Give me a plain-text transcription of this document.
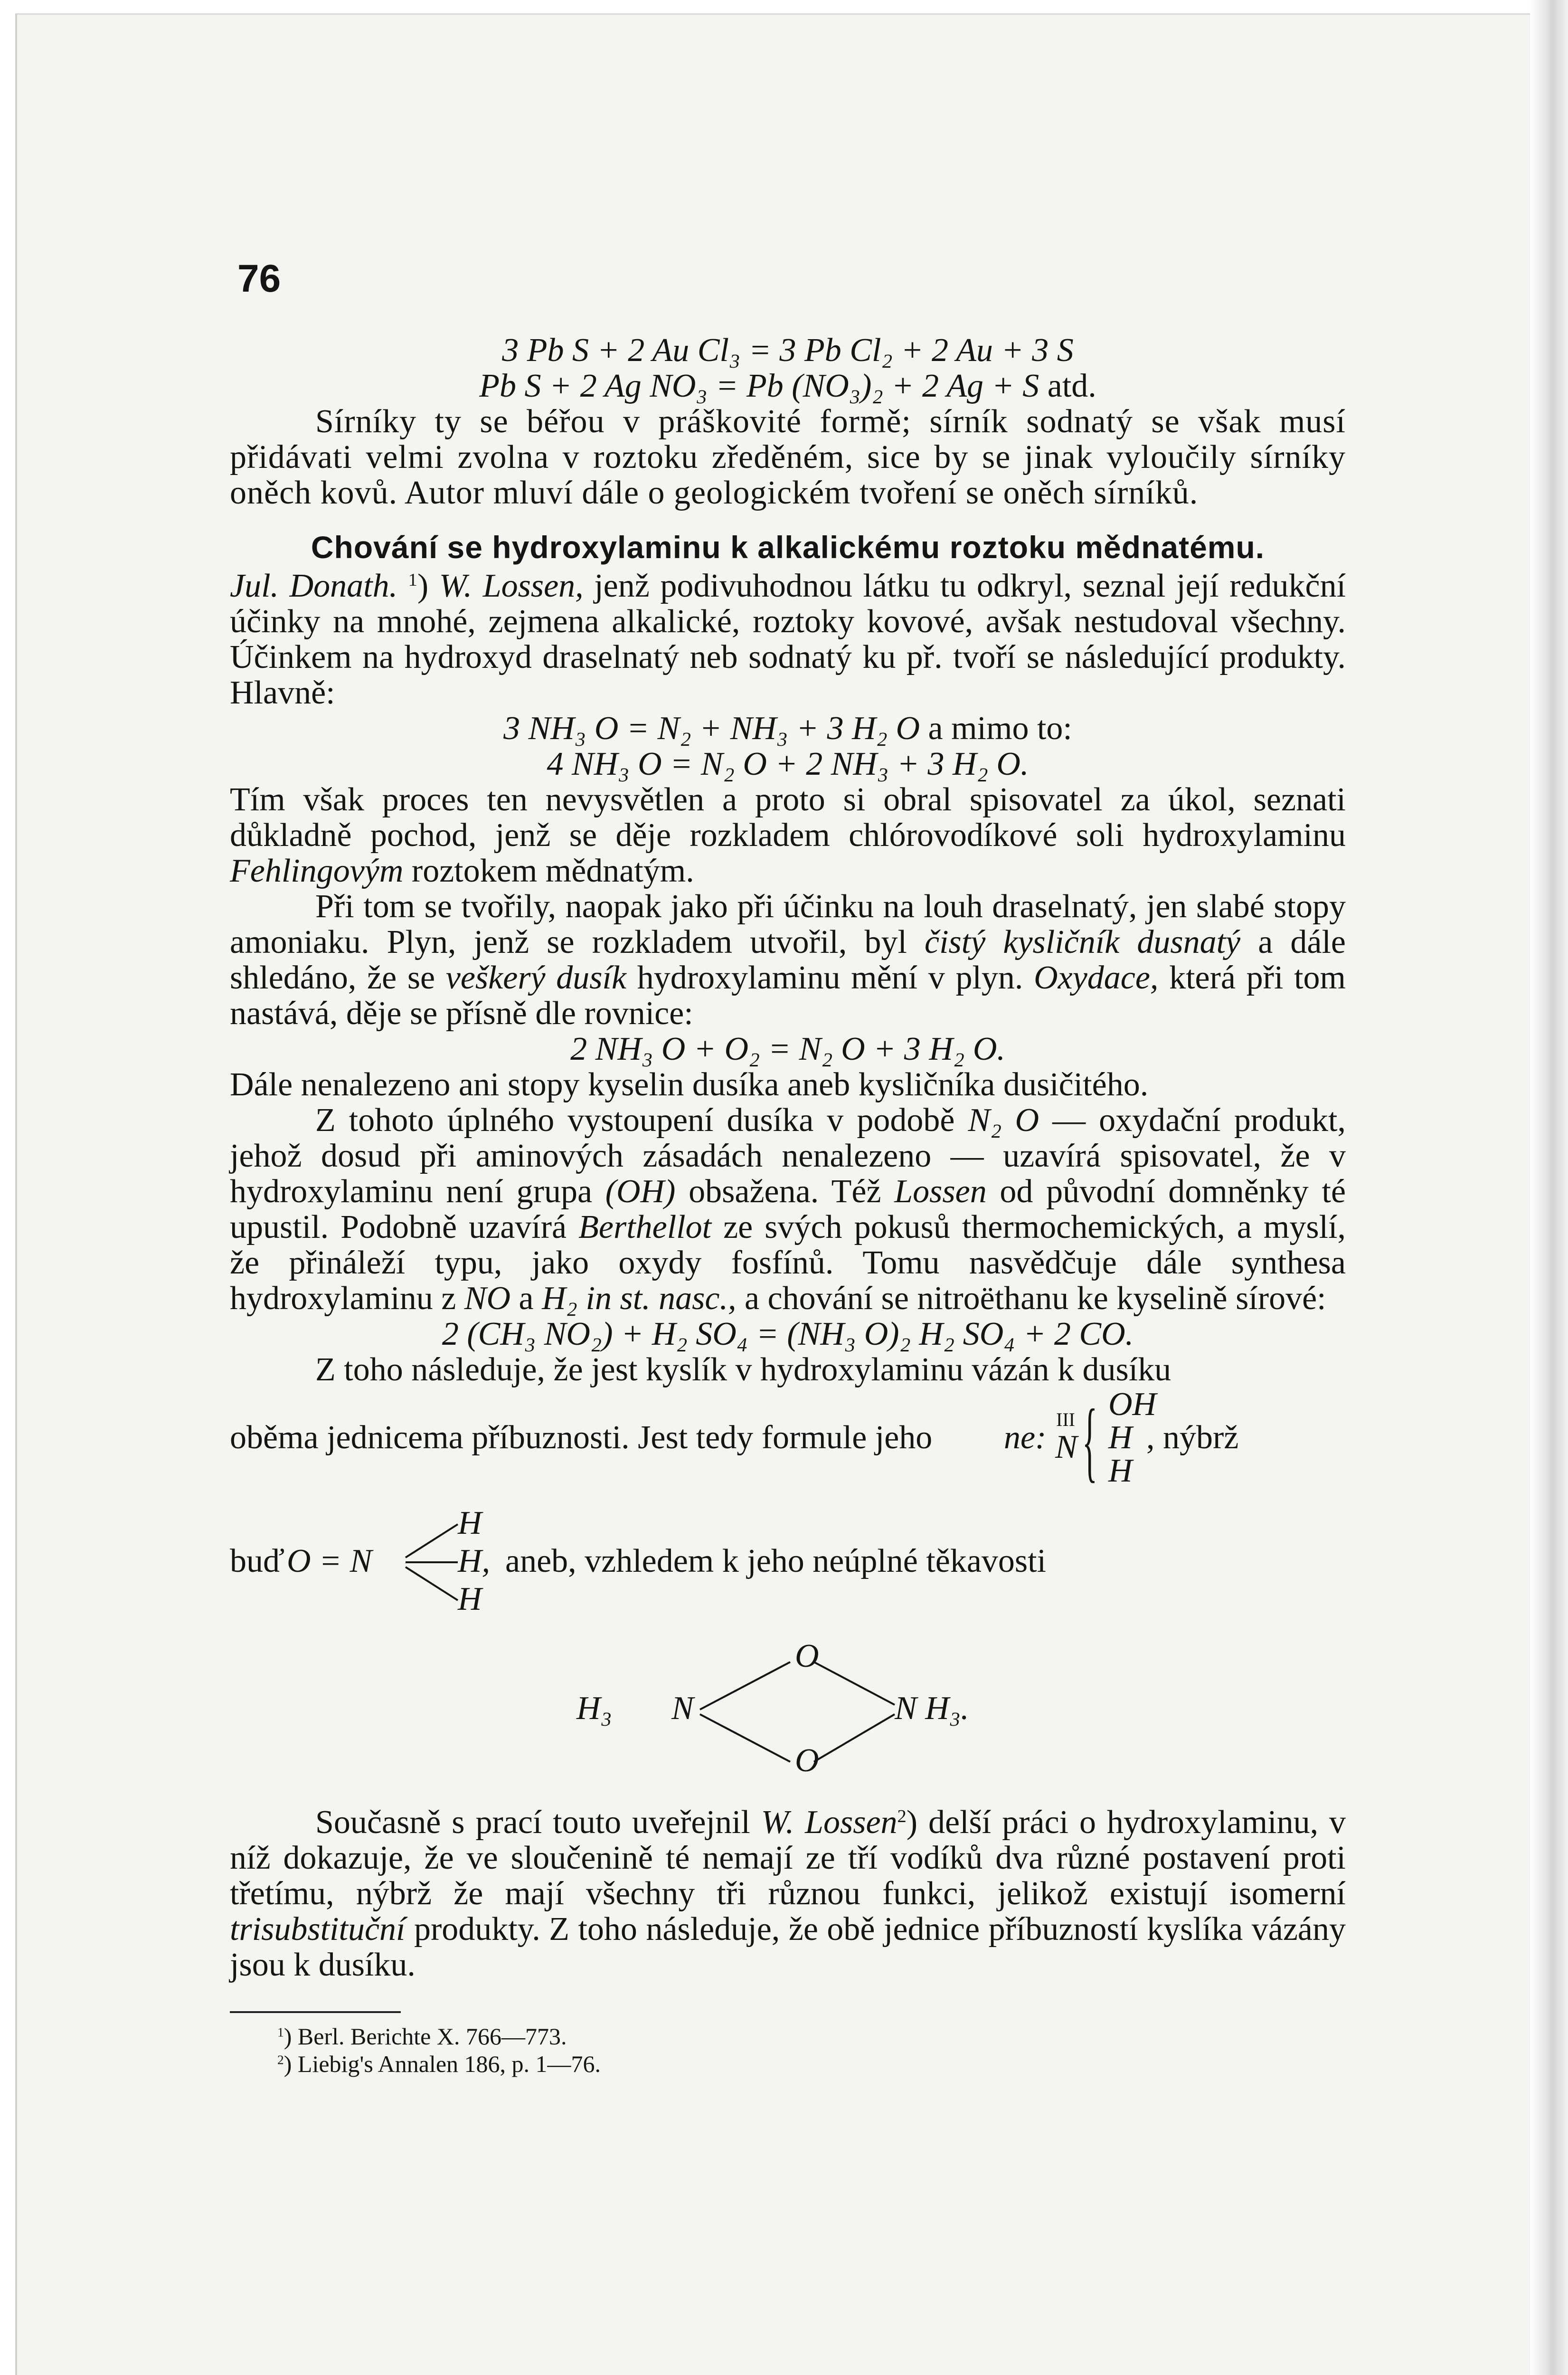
76

3 Pb S + 2 Au Cl₃ = 3 Pb Cl₂ + 2 Au + 3 S

Pb S + 2 Ag NO₃ = Pb (NO₃)₂ + 2 Ag + S atd.

Sírníky ty se béřou v práškovité formě; sírník sodnatý se však musí přidávati velmi zvolna v roztoku zředěném, sice by se jinak vyloučily sírníky oněch kovů. Autor mluví dále o geologickém tvoření se oněch sírníků.

Chování se hydroxylaminu k alkalickému roztoku mědnatému.

Jul. Donath. $^1$) W. Lossen, jenž podivuhodnou látku tu odkryl, seznal její redukční účinky na mnohé, zejmena alkalické, roztoky kovové, avšak nestudoval všechny. Účinkem na hydroxyd draselnatý neb sodnatý ku př. tvoří se následující produkty. Hlavně:

3 NH₃ O = N₂ + NH₃ + 3 H₂ O a mimo to:

4 NH₃ O = N₂ O + 2 NH₃ + 3 H₂ O.

Tím však proces ten nevysvětlen a proto si obral spisovatel za úkol, seznati důkladně pochod, jenž se děje rozkladem chlórovodíkové soli hydroxylaminu Fehlingovým roztokem mědnatým.

Při tom se tvořily, naopak jako při účinku na louh draselnatý, jen slabé stopy amoniaku. Plyn, jenž se rozkladem utvořil, byl čistý kysličník dusnatý a dále shledáno, že se veškerý dusík hydroxylaminu mění v plyn. Oxydace, která při tom nastává, děje se přísně dle rovnice:

2 NH₃ O + O₂ = N₂ O + 3 H₂ O.

Dále nenalezeno ani stopy kyselin dusíka aneb kysličníka dusičitého.

Z tohoto úplného vystoupení dusíka v podobě N₂ O — oxydační produkt, jehož dosud při aminových zásadách nenalezeno — uzavírá spisovatel, že v hydroxylaminu není grupa (OH) obsažena. Též Lossen od původní domněnky té upustil. Podobně uzavírá Berthellot ze svých pokusů thermochemických, a myslí, že přináleží typu, jako oxydy fosfínů. Tomu nasvědčuje dále synthesa hydroxylaminu z NO a H₂ in st. nasc., a chování se nitroëthanu ke kyselině sírové:

2 (CH₃ NO₂) + H₂ SO₄ = (NH₃ O)₂ H₂ SO₄ + 2 CO.

Z toho následuje, že jest kyslík v hydroxylaminu vázán k dusíku

oběma jednicema příbuznosti. Jest tedy formule jeho ne: III
N { OH
H
H
, nýbrž
buď O = N
H
H,
H
aneb, vzhledem k jeho neúplné těkavosti
H₃ N
O
O
N H₃.

Současně s prací touto uveřejnil W. Lossen$^2$) delší práci o hydroxylaminu, v níž dokazuje, že ve sloučenině té nemají ze tří vodíků dva různé postavení proti třetímu, nýbrž že mají všechny tři různou funkci, jelikož existují isomerní trisubstituční produkty. Z toho následuje, že obě jednice příbuzností kyslíka vázány jsou k dusíku.

$^1$) Berl. Berichte X. 766—773.

$^2$) Liebig's Annalen 186, p. 1—76.
